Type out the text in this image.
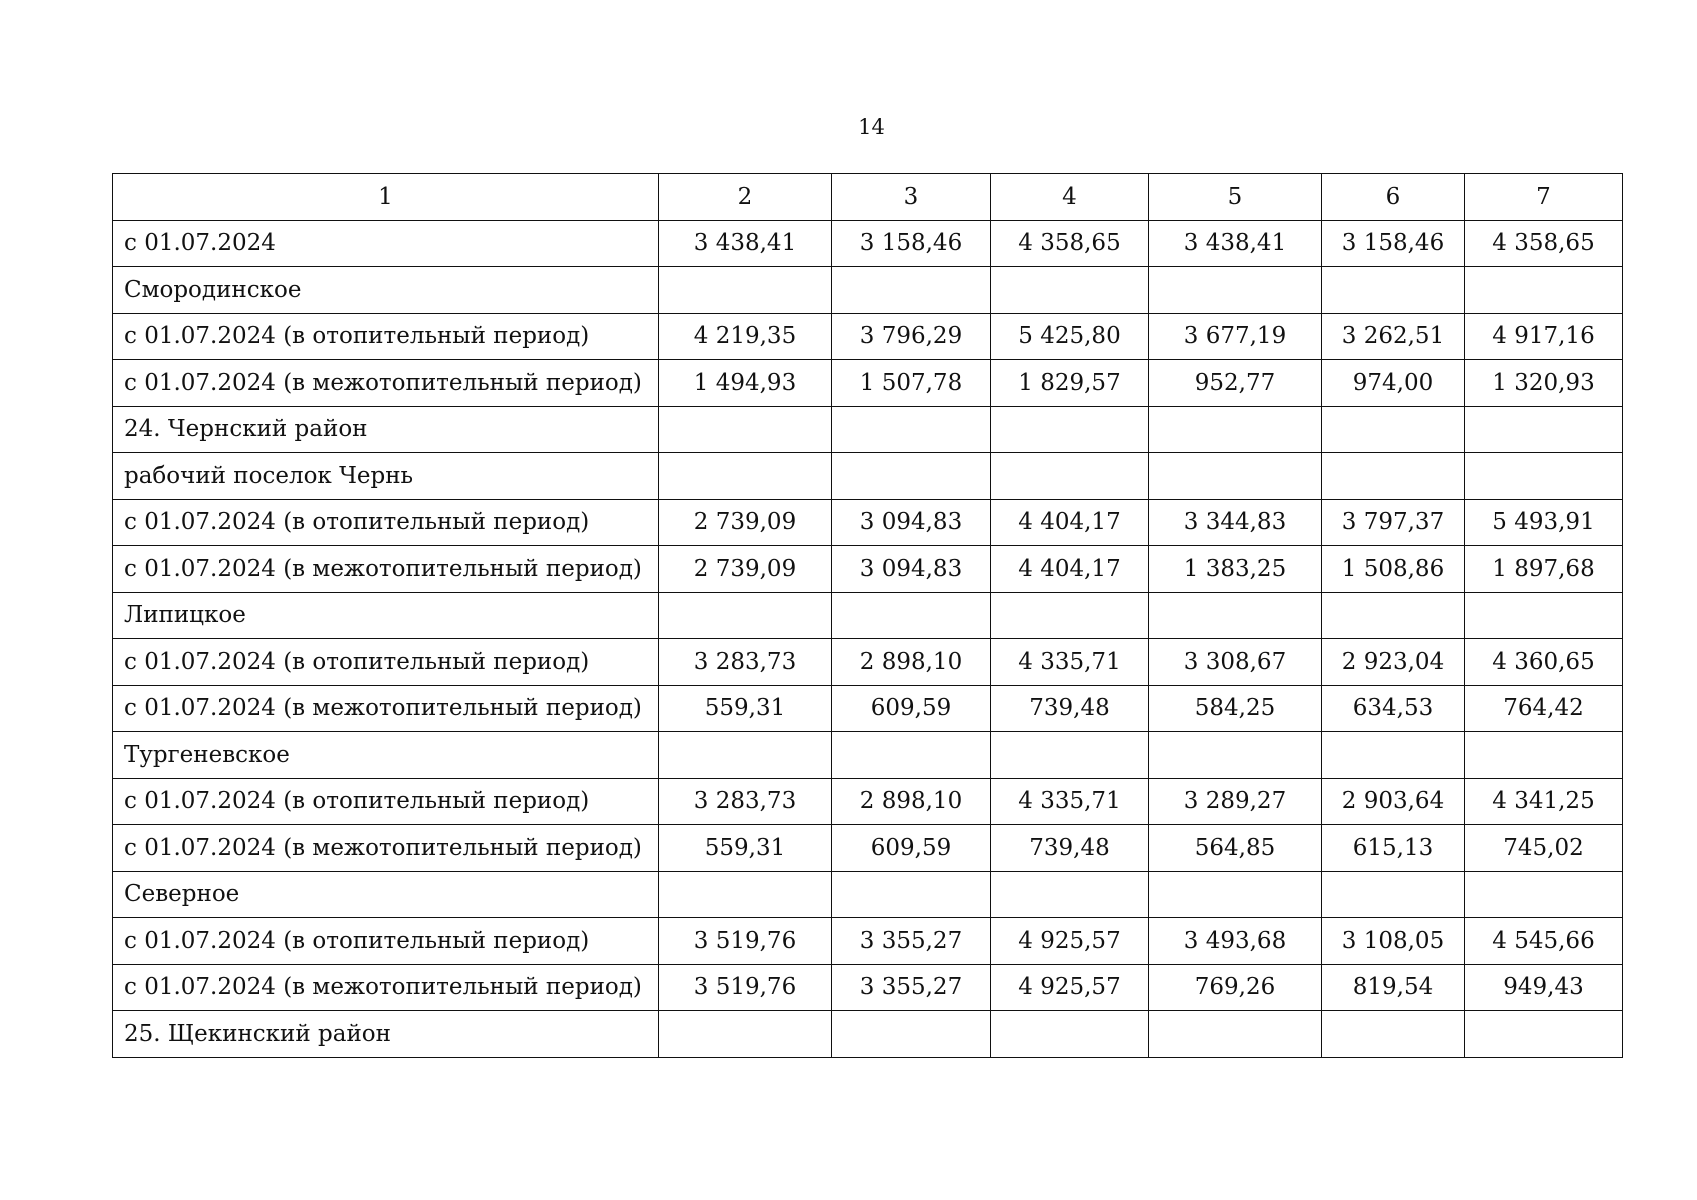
14
1	2	3	4	5	6	7
с 01.07.2024	3 438,41	3 158,46	4 358,65	3 438,41	3 158,46	4 358,65
Смородинское						
с 01.07.2024 (в отопительный период)	4 219,35	3 796,29	5 425,80	3 677,19	3 262,51	4 917,16
с 01.07.2024 (в межотопительный период)	1 494,93	1 507,78	1 829,57	952,77	974,00	1 320,93
24. Чернский район						
рабочий поселок Чернь						
с 01.07.2024 (в отопительный период)	2 739,09	3 094,83	4 404,17	3 344,83	3 797,37	5 493,91
с 01.07.2024 (в межотопительный период)	2 739,09	3 094,83	4 404,17	1 383,25	1 508,86	1 897,68
Липицкое						
с 01.07.2024 (в отопительный период)	3 283,73	2 898,10	4 335,71	3 308,67	2 923,04	4 360,65
с 01.07.2024 (в межотопительный период)	559,31	609,59	739,48	584,25	634,53	764,42
Тургеневское						
с 01.07.2024 (в отопительный период)	3 283,73	2 898,10	4 335,71	3 289,27	2 903,64	4 341,25
с 01.07.2024 (в межотопительный период)	559,31	609,59	739,48	564,85	615,13	745,02
Северное						
с 01.07.2024 (в отопительный период)	3 519,76	3 355,27	4 925,57	3 493,68	3 108,05	4 545,66
с 01.07.2024 (в межотопительный период)	3 519,76	3 355,27	4 925,57	769,26	819,54	949,43
25. Щекинский район						
